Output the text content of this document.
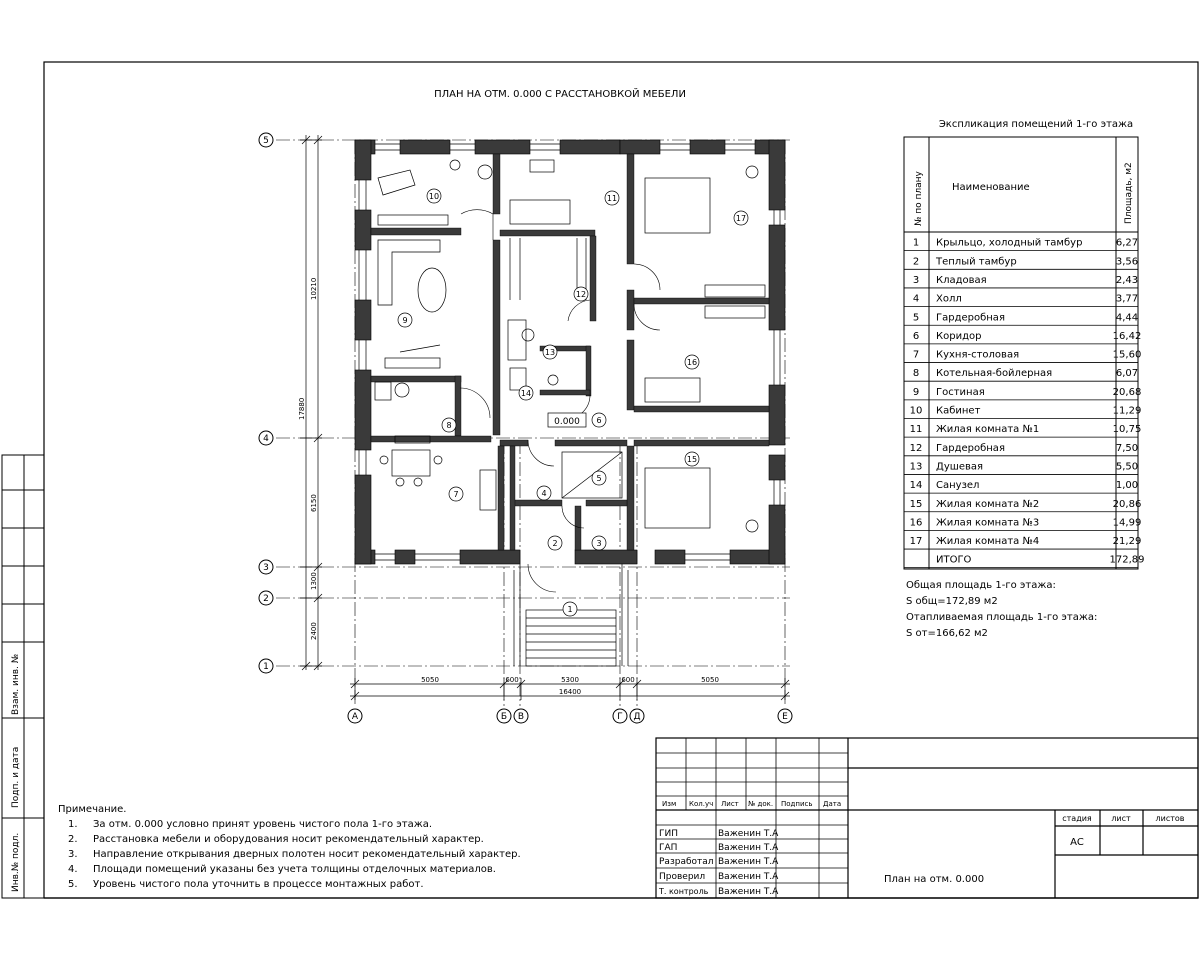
Взам. инв. №
Подп. и дата
Инв.№ подл.
ПЛАН НА ОТМ. 0.000 С РАССТАНОВКОЙ МЕБЕЛИ
5
4
3
2
1
А	Б В	Г Д	Е
5050	600	5300	600	5050
16400
17880
10210
6150
1300
2400
1
2	3
4
5
6
7
8
9
10	11
12
13
14
15
16
17
0.000
Экспликация помещений 1-го этажа
№ по плану	Наименование	Площадь, м2
1 Крыльцо, холодный тамбур	6,27
2 Теплый тамбур	3,56
3 Кладовая	2,43
4 Холл	3,77
5 Гардеробная	4,44
6 Коридор	16,42
7 Кухня-столовая	15,60
8 Котельная-бойлерная	6,07
9 Гостиная	20,68
10 Кабинет	11,29
11 Жилая комната №1	10,75
12 Гардеробная	7,50
13 Душевая	5,50
14 Санузел	1,00
15 Жилая комната №2	20,86
16 Жилая комната №3	14,99
17 Жилая комната №4	21,29
ИТОГО	172,89
Общая площадь 1-го этажа:
S общ=172,89 м2
Отапливаемая площадь 1-го этажа:
S от=166,62 м2
Примечание.
1. За отм. 0.000 условно принят уровень чистого пола 1-го этажа.
2. Расстановка мебели и оборудования носит рекомендательный характер.
3. Направление открывания дверных полотен носит рекомендательный характер.
4. Площади помещений указаны без учета толщины отделочных материалов.
5. Уровень чистого пола уточнить в процессе монтажных работ.
Изм Кол.уч Лист № док. Подпись Дата
ГИП	Важенин Т.А
ГАП	Важенин Т.А
Разработал Важенин Т.А
Проверил Важенин Т.А
Т. контроль Важенин Т.А
стадия лист	листов
АС
План на отм. 0.000
